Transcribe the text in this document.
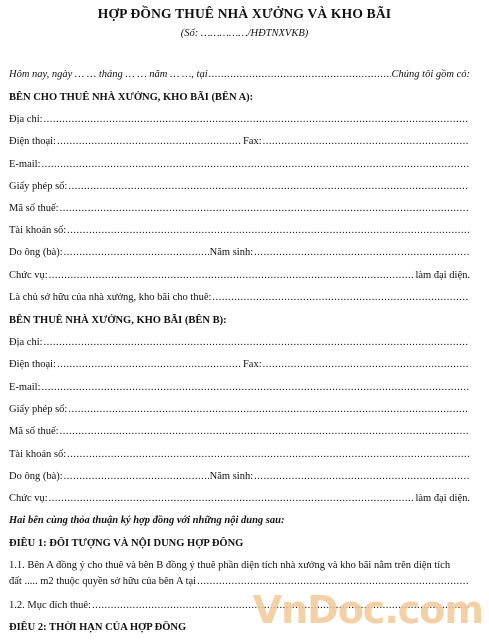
HỢP ĐỒNG THUÊ NHÀ XƯỞNG VÀ KHO BÃI
(Số: ……………/HĐTNXVKB)
Hôm nay, ngày … … tháng … … năm … …, tại .....	Chúng tôi gồm có:
BÊN CHO THUÊ NHÀ XƯỞNG, KHO BÃI (BÊN A):
Địa chỉ:
.....
Điện thoại: .....	Fax:
.....
E-mail:
.....
Giấy phép số:
.....
Mã số thuế:
.....
Tài khoản số:
.....
Do ông (bà): .....	Năm sinh:
.....
Chức vụ: .....	làm đại diện.
Là chủ sở hữu của nhà xưởng, kho bãi cho thuê:
.....
BÊN THUÊ NHÀ XƯỞNG, KHO BÃI (BÊN B):
Địa chỉ:
.....
Điện thoại: .....	Fax:
.....
E-mail:
.....
Giấy phép số:
.....
Mã số thuế:
.....
Tài khoản số:
.....
Do ông (bà): .....	Năm sinh:
.....
Chức vụ: .....	làm đại diện.
Hai bên cùng thỏa thuận ký hợp đồng với những nội dung sau:
ĐIỀU 1: ĐỐI TƯỢNG VÀ NỘI DUNG HỢP ĐỒNG
1.1. Bên A đồng ý cho thuê và bên B đồng ý thuê phần diện tích nhà xưởng và kho bãi nằm trên diện tích
đất ..... m2 thuộc quyền sở hữu của bên A tại
.....
1.2. Mục đích thuê:
.....
ĐIỀU 2: THỜI HẠN CỦA HỢP ĐỒNG	VnDoc.com
